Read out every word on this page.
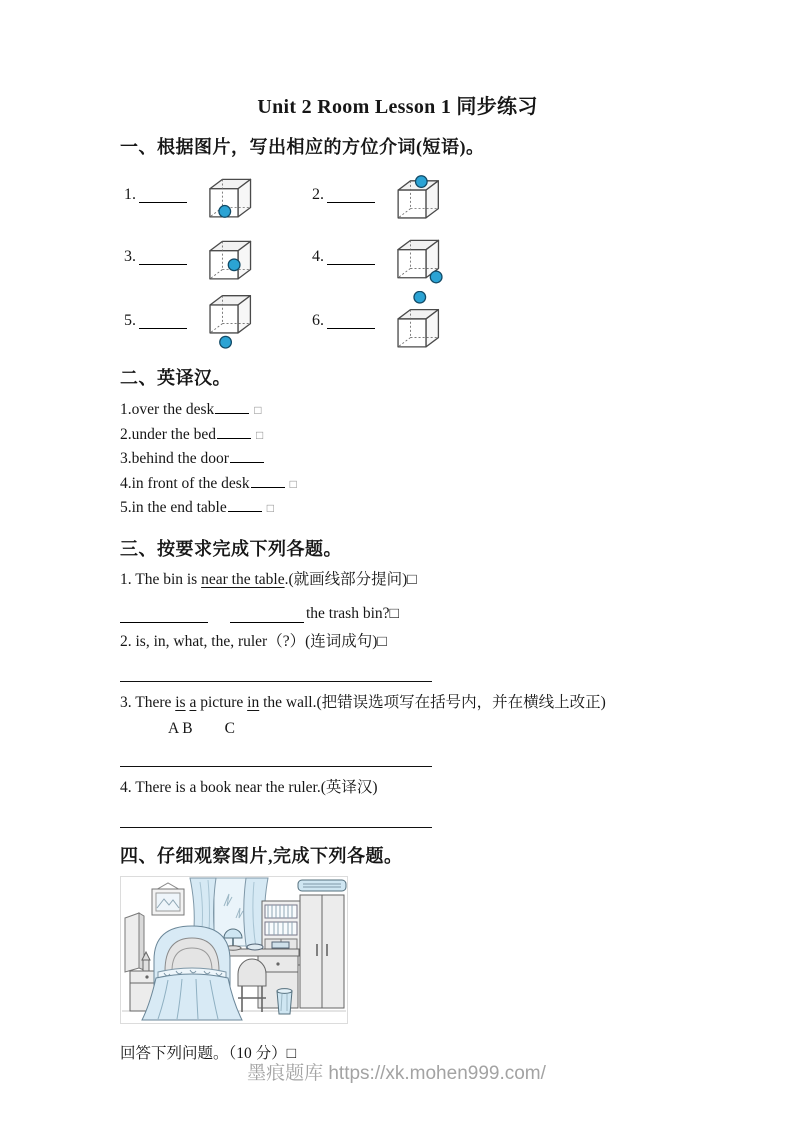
Unit 2 Room Lesson 1 同步练习
一、根据图片，写出相应的方位介词(短语)。
1.	2.
3.	4.
5.	6.
二、英译汉。
1.over the desk	□
2.under the bed	□
3.behind the door
4.in front of the desk	□
5.in the end table	□
三、按要求完成下列各题。
1. The bin is near the table.(就画线部分提问)□
the trash bin?□
2. is, in, what, the, ruler（?）(连词成句)□
3. There is a picture in the wall.(把错误选项写在括号内，并在横线上改正)
A B C
4. There is a book near the ruler.(英译汉)
四、仔细观察图片,完成下列各题。
回答下列问题。（10 分）□
墨痕题库 https://xk.mohen999.com/
